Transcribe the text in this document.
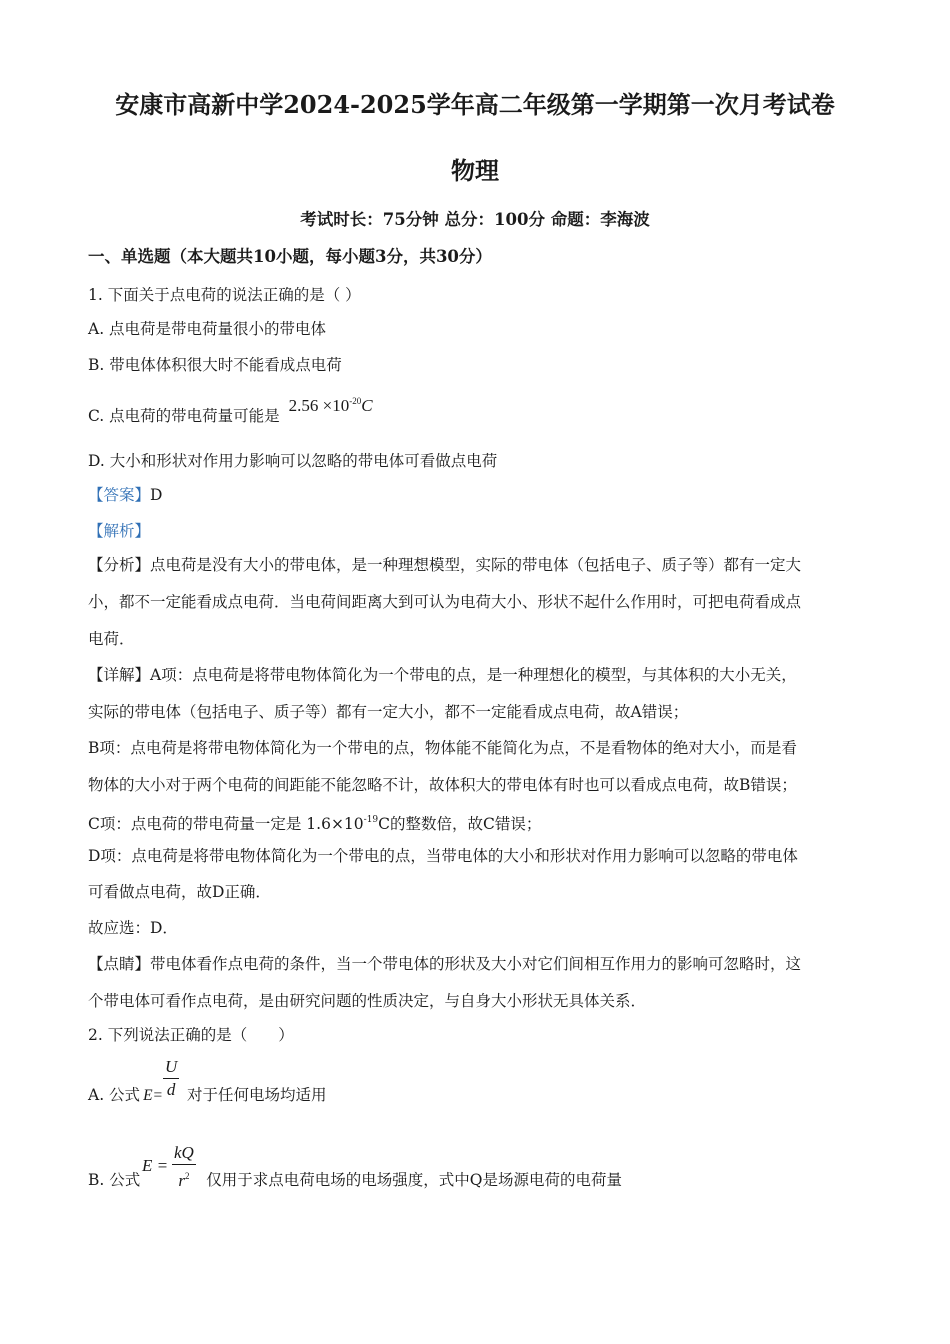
安康市高新中学2024-2025学年高二年级第一学期第一次月考试卷
物理
考试时长：75分钟 总分：100分 命题：李海波
一、单选题（本大题共10小题，每小题3分，共30分）
1. 下面关于点电荷的说法正确的是（ ）
A. 点电荷是带电荷量很小的带电体
B. 带电体体积很大时不能看成点电荷
C. 点电荷的带电荷量可能是 $2.56 \times 10^{-20}C$
D. 大小和形状对作用力影响可以忽略的带电体可看做点电荷
【答案】D
【解析】
【分析】点电荷是没有大小的带电体，是一种理想模型，实际的带电体（包括电子、质子等）都有一定大
小，都不一定能看成点电荷．当电荷间距离大到可认为电荷大小、形状不起什么作用时，可把电荷看成点
电荷．
【详解】A项：点电荷是将带电物体简化为一个带电的点，是一种理想化的模型，与其体积的大小无关，
实际的带电体（包括电子、质子等）都有一定大小，都不一定能看成点电荷，故A错误；
B项：点电荷是将带电物体简化为一个带电的点，物体能不能简化为点，不是看物体的绝对大小，而是看
物体的大小对于两个电荷的间距能不能忽略不计，故体积大的带电体有时也可以看成点电荷，故B错误；
C项：点电荷的带电荷量一定是 $1.6\times 10^{-19}C$的整数倍，故C错误；
D项：点电荷是将带电物体简化为一个带电的点，当带电体的大小和形状对作用力影响可以忽略的带电体
可看做点电荷，故D正确．
故应选：D．
【点睛】带电体看作点电荷的条件，当一个带电体的形状及大小对它们间相互作用力的影响可忽略时，这
个带电体可看作点电荷，是由研究问题的性质决定，与自身大小形状无具体关系．
2. 下列说法正确的是（　　）
A. 公式 E= 对于任何电场均适用
$\frac{U}{d}$
B. 公式	仅用于求点电荷电场的电场强度，式中Q是场源电荷的电荷量
$E = \frac{kQ}{r^2}$
